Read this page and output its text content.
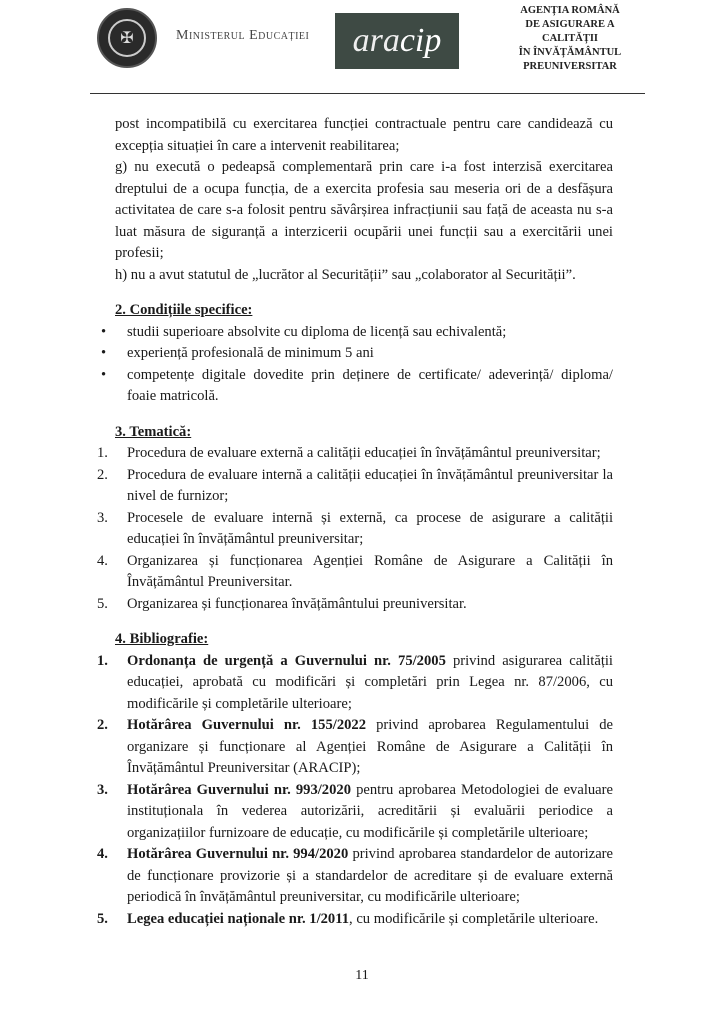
✠	Ministerul Educației	aracip
AGENȚIA ROMÂNĂ
DE ASIGURARE A
CALITĂȚII
ÎN ÎNVĂȚĂMÂNTUL
PREUNIVERSITAR

post incompatibilă cu exercitarea funcției contractuale pentru care candidează cu excepția situației în care a intervenit reabilitarea;

g) nu execută o pedeapsă complementară prin care i-a fost interzisă exercitarea dreptului de a ocupa funcția, de a exercita profesia sau meseria ori de a desfășura activitatea de care s-a folosit pentru săvârșirea infracțiunii sau față de aceasta nu s-a luat măsura de siguranță a interzicerii ocupării unei funcții sau a exercitării unei profesii;

h) nu a avut statutul de „lucrător al Securității” sau „colaborator al Securității”.

2. Condițiile specifice:
• studii superioare absolvite cu diploma de licență sau echivalentă;
• experiență profesională de minimum 5 ani
• competențe digitale dovedite prin deținere de certificate/ adeverință/ diploma/ foaie matricolă.
3. Tematică:
1. Procedura de evaluare externă a calității educației în învățământul preuniversitar;
2. Procedura de evaluare internă a calității educației în învățământul preuniversitar la nivel de furnizor;
3. Procesele de evaluare internă și externă, ca procese de asigurare a calității educației în învățământul preuniversitar;
4. Organizarea și funcționarea Agenției Române de Asigurare a Calității în Învățământul Preuniversitar.
5. Organizarea și funcționarea învățământului preuniversitar.
4. Bibliografie:
1. Ordonanța de urgență a Guvernului nr. 75/2005 privind asigurarea calității educației, aprobată cu modificări și completări prin Legea nr. 87/2006, cu modificările și completările ulterioare;
2. Hotărârea Guvernului nr. 155/2022 privind aprobarea Regulamentului de organizare și funcționare al Agenției Române de Asigurare a Calității în Învățământul Preuniversitar (ARACIP);
3. Hotărârea Guvernului nr. 993/2020 pentru aprobarea Metodologiei de evaluare instituționala în vederea autorizării, acreditării și evaluării periodice a organizațiilor furnizoare de educație, cu modificările și completările ulterioare;
4. Hotărârea Guvernului nr. 994/2020 privind aprobarea standardelor de autorizare de funcționare provizorie și a standardelor de acreditare și de evaluare externă periodică în învățământul preuniversitar, cu modificările ulterioare;
5. Legea educației naționale nr. 1/2011, cu modificările și completările ulterioare.
11
